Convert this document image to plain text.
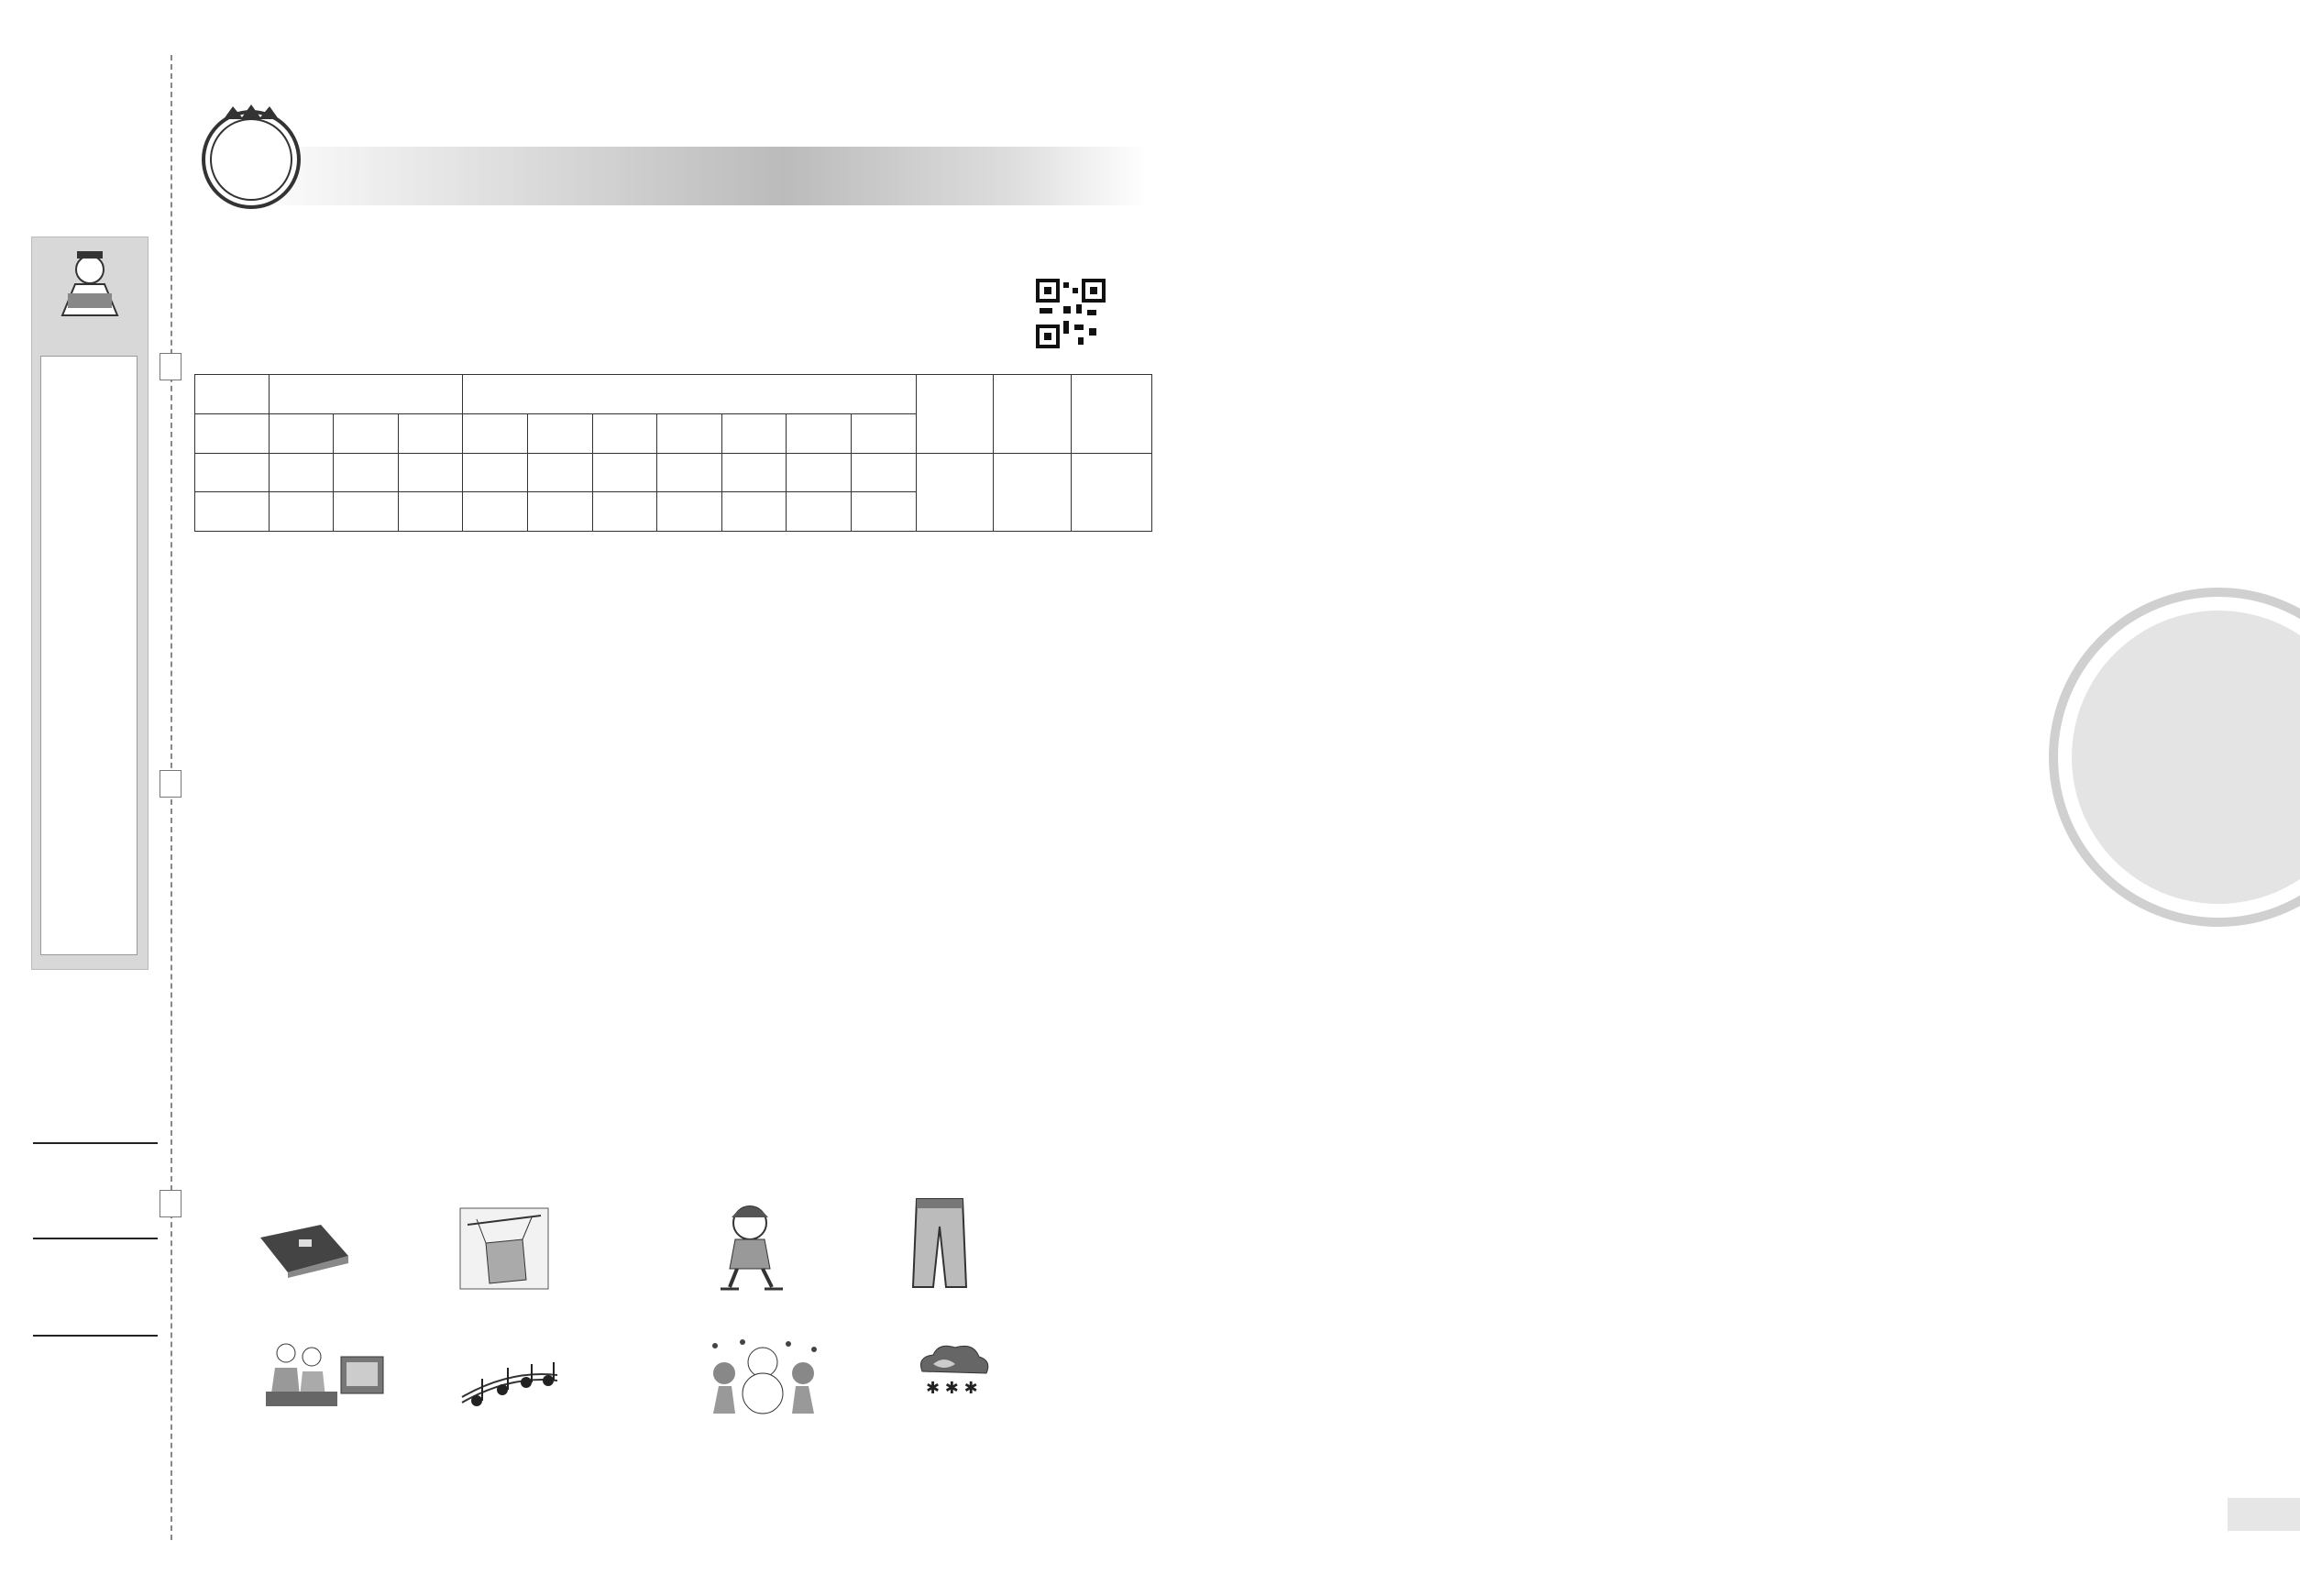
✱ ✱ ✱
